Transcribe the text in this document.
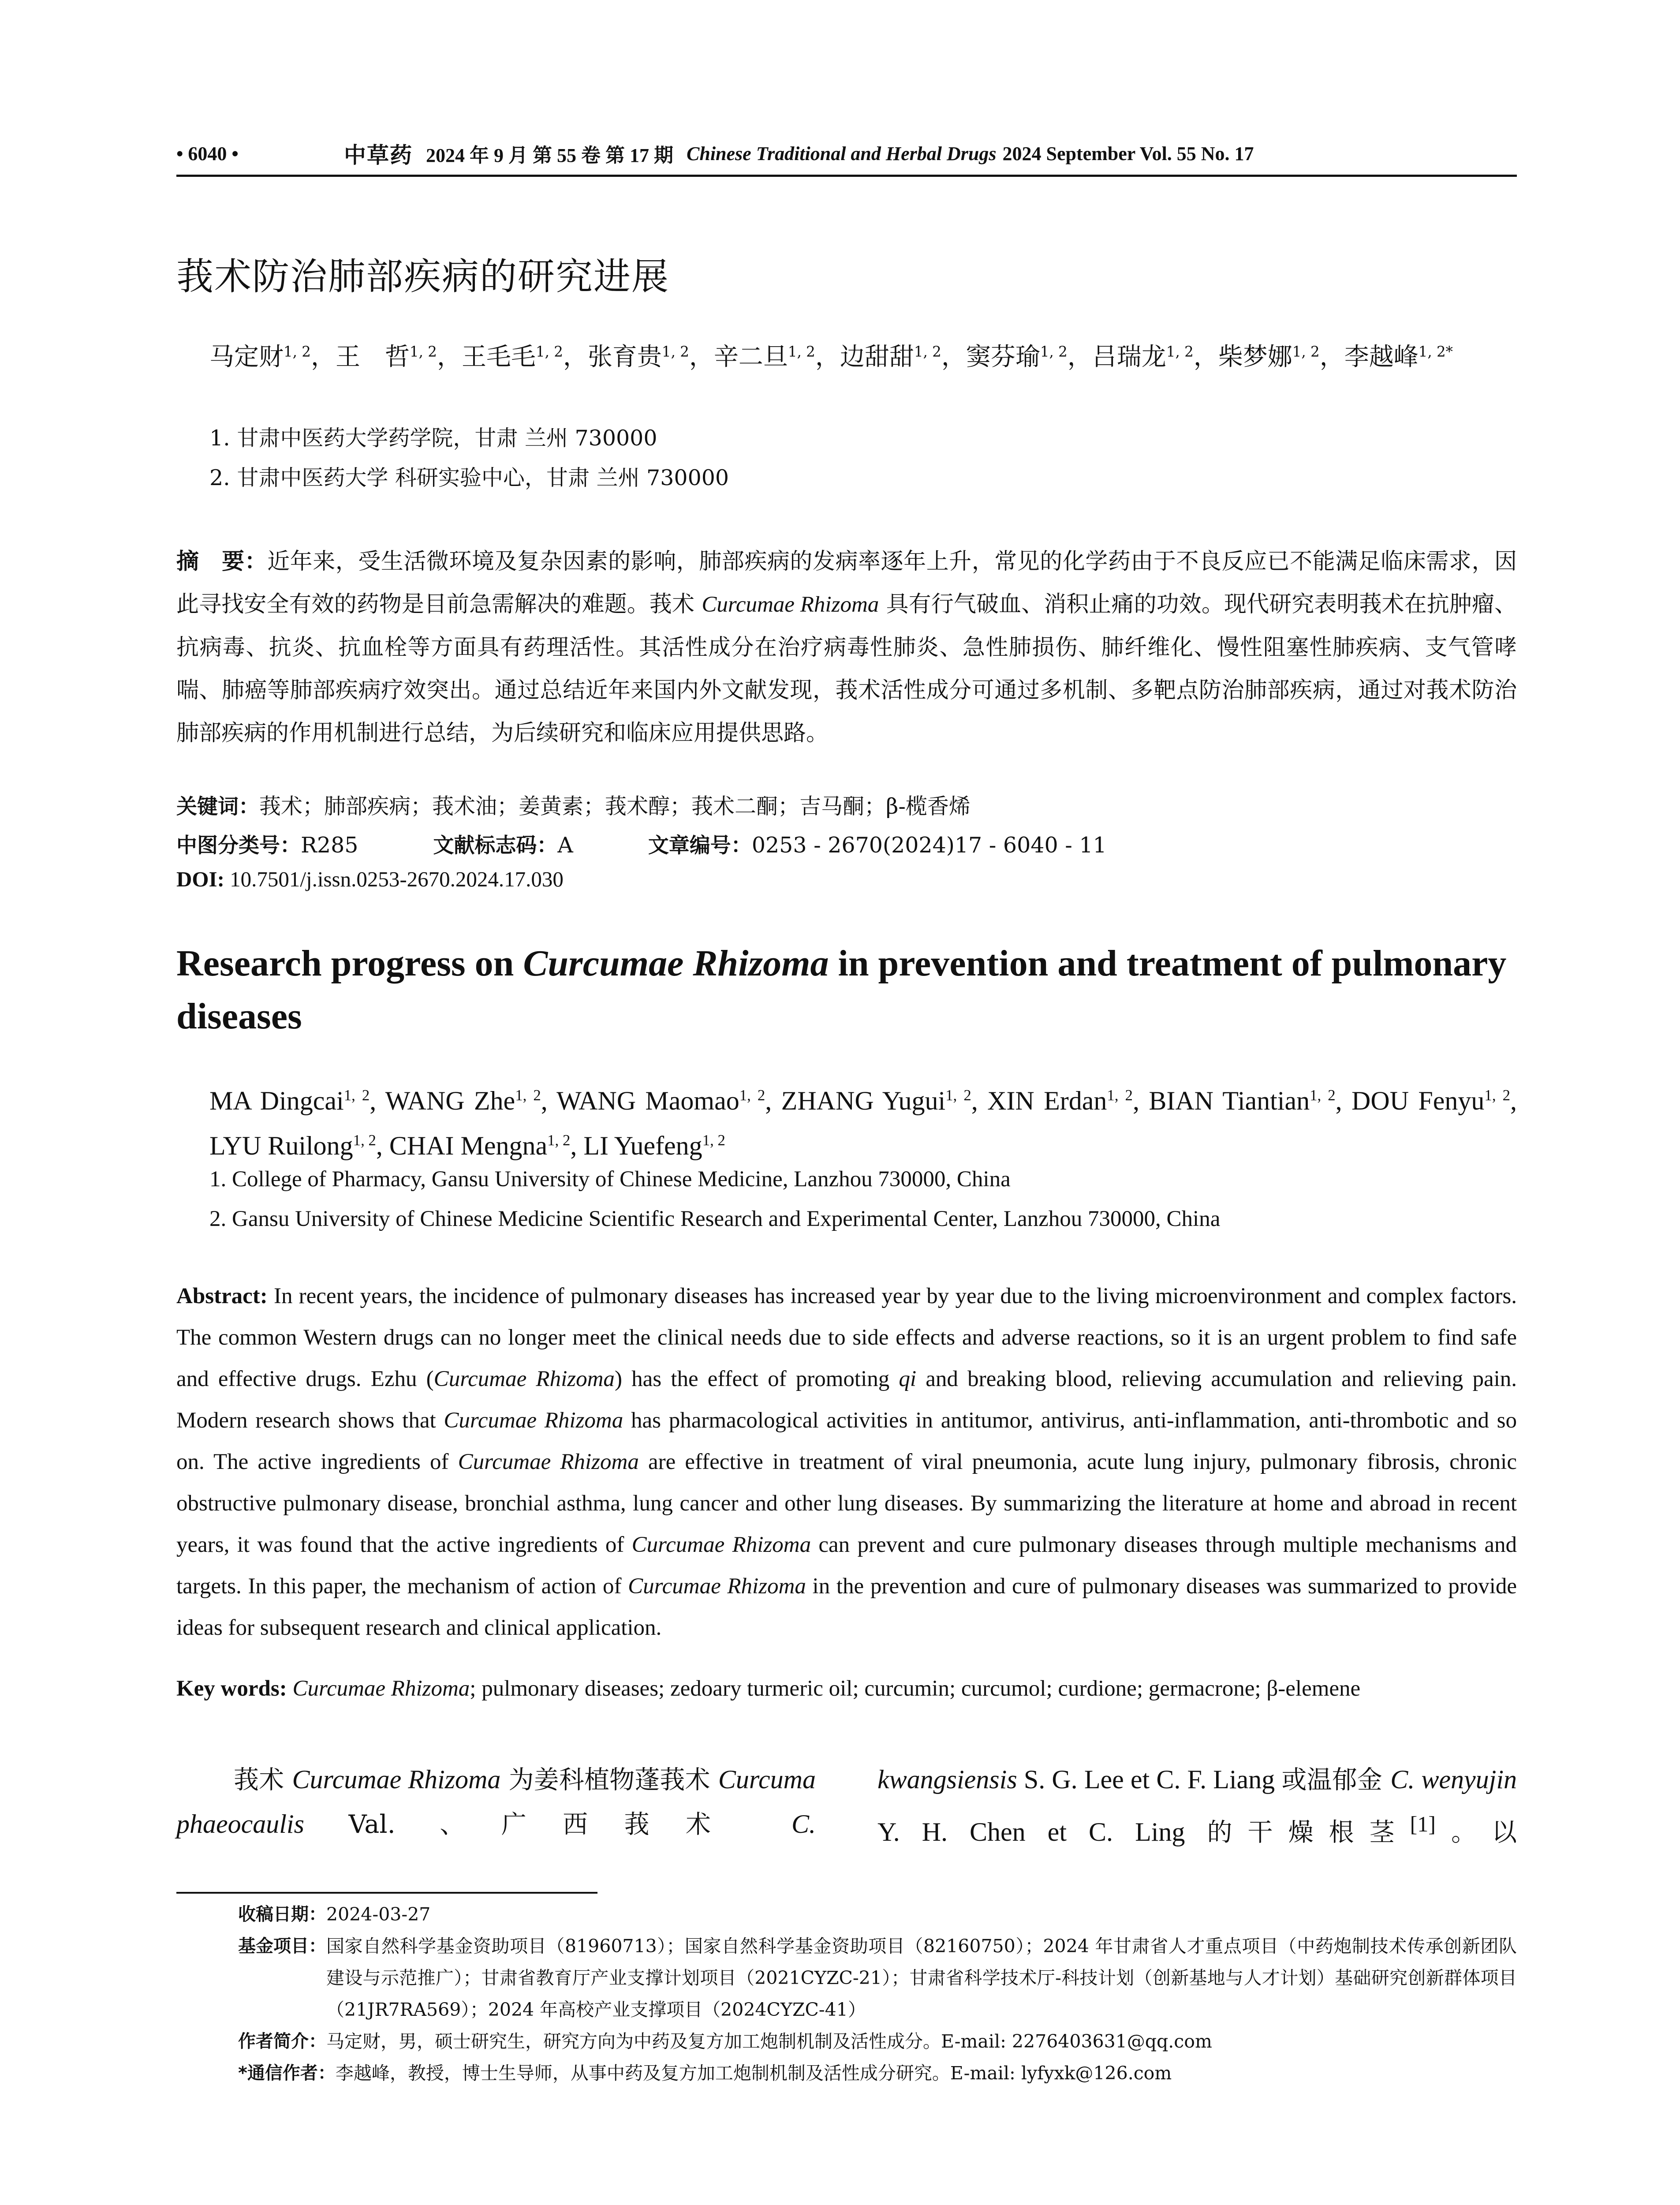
• 6040 •	中草药 2024 年 9 月 第 55 卷 第 17 期 Chinese Traditional and Herbal Drugs 2024 September Vol. 55 No. 17
莪术防治肺部疾病的研究进展
马定财$^{1, 2}$，王　哲$^{1, 2}$，王毛毛$^{1, 2}$，张育贵$^{1, 2}$，辛二旦$^{1, 2}$，边甜甜$^{1, 2}$，窦芬瑜$^{1, 2}$，吕瑞龙$^{1, 2}$，柴梦娜$^{1, 2}$，李越峰$^{1, 2*}$
1. 甘肃中医药大学药学院，甘肃 兰州 730000
2. 甘肃中医药大学 科研实验中心，甘肃 兰州 730000

摘　要：近年来，受生活微环境及复杂因素的影响，肺部疾病的发病率逐年上升，常见的化学药由于不良反应已不能满足临床需求，因此寻找安全有效的药物是目前急需解决的难题。莪术 Curcumae Rhizoma 具有行气破血、消积止痛的功效。现代研究表明莪术在抗肿瘤、抗病毒、抗炎、抗血栓等方面具有药理活性。其活性成分在治疗病毒性肺炎、急性肺损伤、肺纤维化、慢性阻塞性肺疾病、支气管哮喘、肺癌等肺部疾病疗效突出。通过总结近年来国内外文献发现，莪术活性成分可通过多机制、多靶点防治肺部疾病，通过对莪术防治肺部疾病的作用机制进行总结，为后续研究和临床应用提供思路。

关键词：莪术；肺部疾病；莪术油；姜黄素；莪术醇；莪术二酮；吉马酮；β-榄香烯
中图分类号：R285	文献标志码：A	文章编号：0253 - 2670(2024)17 - 6040 - 11
DOI: 10.7501/j.issn.0253-2670.2024.17.030
Research progress on Curcumae Rhizoma in prevention and treatment of pulmonary diseases

MA Dingcai$^{1, 2}$, WANG Zhe$^{1, 2}$, WANG Maomao$^{1, 2}$, ZHANG Yugui$^{1, 2}$, XIN Erdan$^{1, 2}$, BIAN Tiantian$^{1, 2}$, DOU Fenyu$^{1, 2}$, LYU Ruilong$^{1, 2}$, CHAI Mengna$^{1, 2}$, LI Yuefeng$^{1, 2}$

1. College of Pharmacy, Gansu University of Chinese Medicine, Lanzhou 730000, China
2. Gansu University of Chinese Medicine Scientific Research and Experimental Center, Lanzhou 730000, China

Abstract: In recent years, the incidence of pulmonary diseases has increased year by year due to the living microenvironment and complex factors. The common Western drugs can no longer meet the clinical needs due to side effects and adverse reactions, so it is an urgent problem to find safe and effective drugs. Ezhu (Curcumae Rhizoma) has the effect of promoting qi and breaking blood, relieving accumulation and relieving pain. Modern research shows that Curcumae Rhizoma has pharmacological activities in antitumor, antivirus, anti-inflammation, anti-thrombotic and so on. The active ingredients of Curcumae Rhizoma are effective in treatment of viral pneumonia, acute lung injury, pulmonary fibrosis, chronic obstructive pulmonary disease, bronchial asthma, lung cancer and other lung diseases. By summarizing the literature at home and abroad in recent years, it was found that the active ingredients of Curcumae Rhizoma can prevent and cure pulmonary diseases through multiple mechanisms and targets. In this paper, the mechanism of action of Curcumae Rhizoma in the prevention and cure of pulmonary diseases was summarized to provide ideas for subsequent research and clinical application.

Key words: Curcumae Rhizoma; pulmonary diseases; zedoary turmeric oil; curcumin; curcumol; curdione; germacrone; β-elemene

莪术 Curcumae Rhizoma 为姜科植物蓬莪术 Curcuma phaeocaulis Val. 、广西莪术 C.

kwangsiensis S. G. Lee et C. F. Liang 或温郁金 C. wenyujin Y. H. Chen et C. Ling 的干燥根茎[1]。以

收稿日期： 2024-03-27
基金项目： 国家自然科学基金资助项目（81960713）；国家自然科学基金资助项目（82160750）；2024 年甘肃省人才重点项目（中药炮制技术传承创新团队建设与示范推广）；甘肃省教育厅产业支撑计划项目（2021CYZC-21）；甘肃省科学技术厅-科技计划（创新基地与人才计划）基础研究创新群体项目（21JR7RA569）；2024 年高校产业支撑项目（2024CYZC-41）
作者简介： 马定财，男，硕士研究生，研究方向为中药及复方加工炮制机制及活性成分。E-mail: 2276403631@qq.com
*通信作者： 李越峰，教授，博士生导师，从事中药及复方加工炮制机制及活性成分研究。E-mail: lyfyxk@126.com
